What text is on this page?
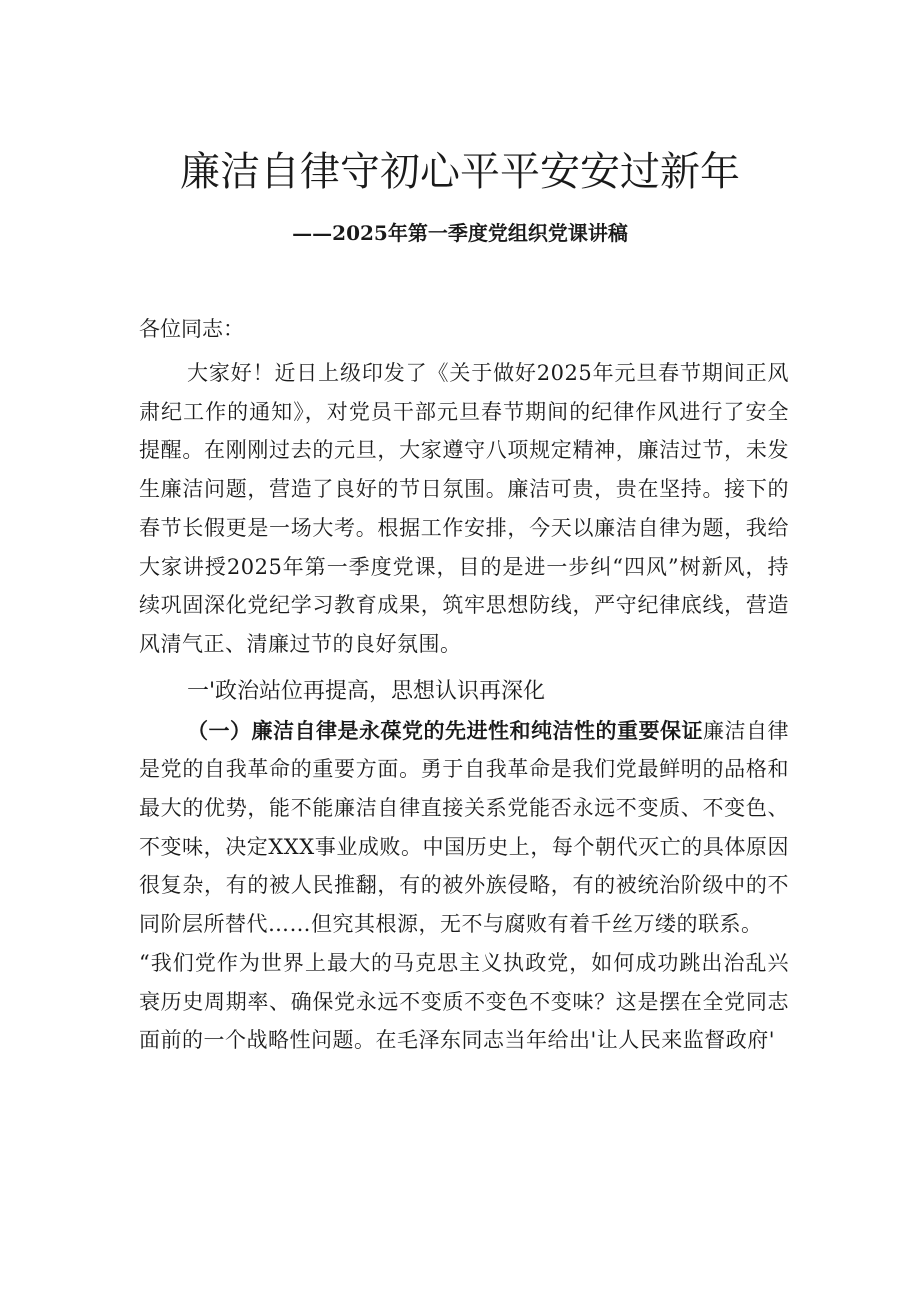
廉洁自律守初心平平安安过新年
——2025年第一季度党组织党课讲稿

各位同志：

大家好！近日上级印发了《关于做好2025年元旦春节期间正风肃纪工作的通知》，对党员干部元旦春节期间的纪律作风进行了安全提醒。在刚刚过去的元旦，大家遵守八项规定精神，廉洁过节，未发生廉洁问题，营造了良好的节日氛围。廉洁可贵，贵在坚持。接下的春节长假更是一场大考。根据工作安排，今天以廉洁自律为题，我给大家讲授2025年第一季度党课，目的是进一步纠“四风”树新风，持续巩固深化党纪学习教育成果，筑牢思想防线，严守纪律底线，营造风清气正、清廉过节的良好氛围。

一'政治站位再提高，思想认识再深化

（一）廉洁自律是永葆党的先进性和纯洁性的重要保证廉洁自律是党的自我革命的重要方面。勇于自我革命是我们党最鲜明的品格和最大的优势，能不能廉洁自律直接关系党能否永远不变质、不变色、不变味，决定XXX事业成败。中国历史上，每个朝代灭亡的具体原因很复杂，有的被人民推翻，有的被外族侵略，有的被统治阶级中的不同阶层所替代……但究其根源，无不与腐败有着千丝万缕的联系。

“我们党作为世界上最大的马克思主义执政党，如何成功跳出治乱兴衰历史周期率、确保党永远不变质不变色不变味？这是摆在全党同志面前的一个战略性问题。在毛泽东同志当年给出'让人民来监督政府'
